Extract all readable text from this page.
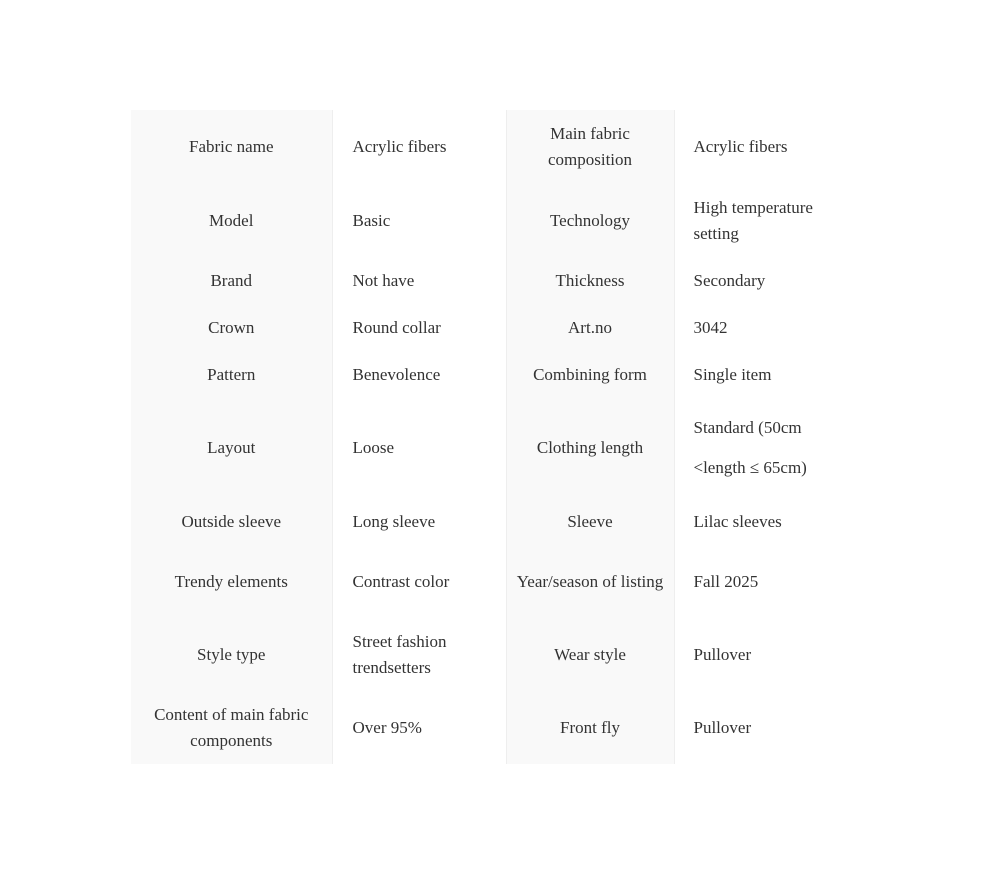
Fabric name	Acrylic fibers	Main fabric composition	Acrylic fibers
Model	Basic	Technology	High temperature setting
Brand	Not have	Thickness	Secondary
Crown	Round collar	Art.no	3042
Pattern	Benevolence	Combining form	Single item
Layout	Loose	Clothing length	Standard (50cm <length ≤ 65cm)
Outside sleeve	Long sleeve	Sleeve	Lilac sleeves
Trendy elements	Contrast color	Year/season of listing	Fall 2025
Style type	Street fashion trendsetters	Wear style	Pullover
Content of main fabric components	Over 95%	Front fly	Pullover
